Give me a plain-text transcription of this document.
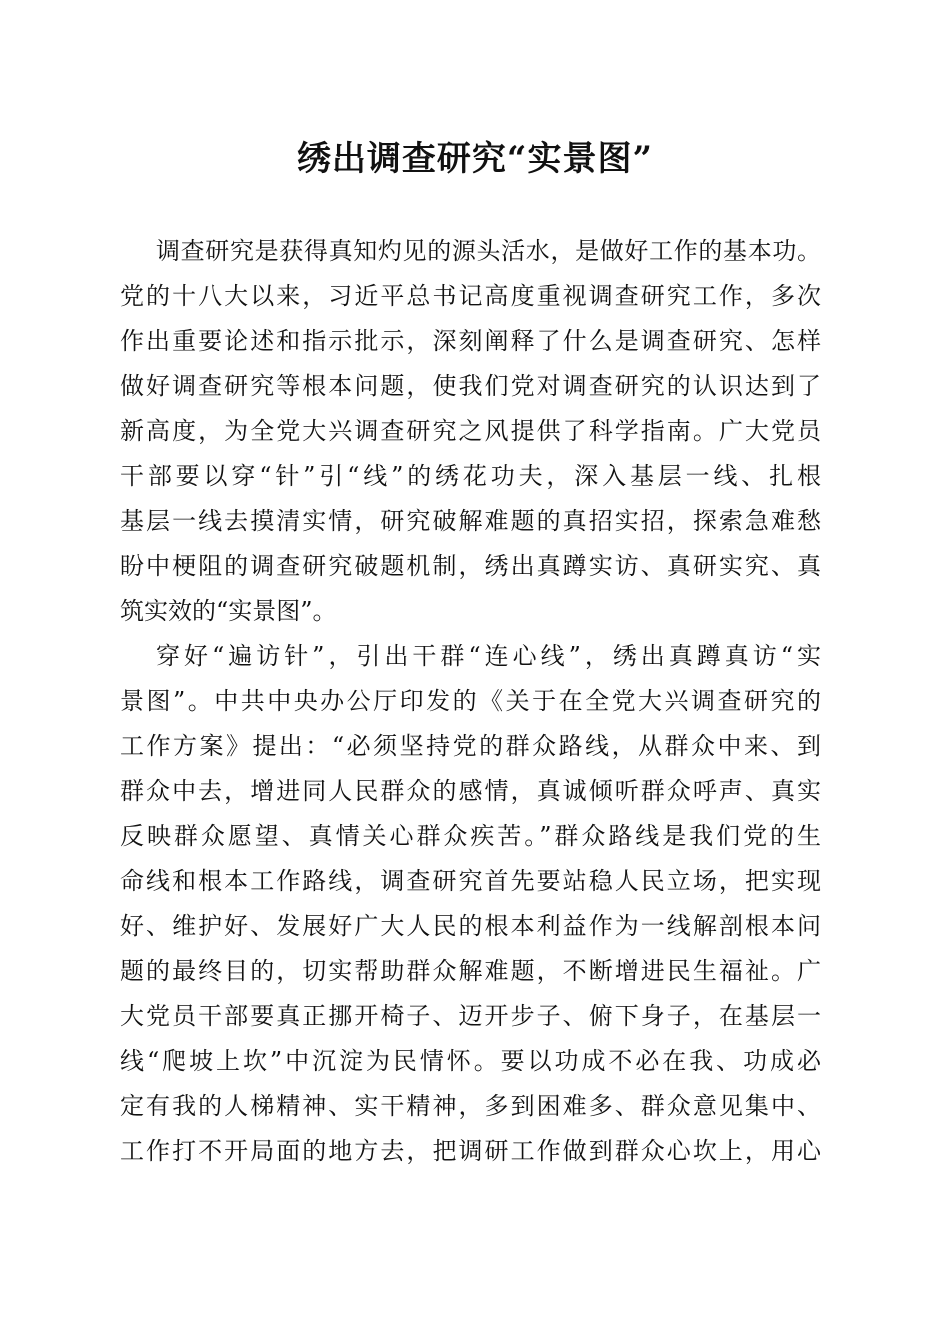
绣出调查研究“实景图”
调查研究是获得真知灼见的源头活水，是做好工作的基本功。
党的十八大以来，习近平总书记高度重视调查研究工作，多次
作出重要论述和指示批示，深刻阐释了什么是调查研究、怎样
做好调查研究等根本问题，使我们党对调查研究的认识达到了
新高度，为全党大兴调查研究之风提供了科学指南。广大党员
干部要以穿“针”引“线”的绣花功夫，深入基层一线、扎根
基层一线去摸清实情，研究破解难题的真招实招，探索急难愁
盼中梗阻的调查研究破题机制，绣出真蹲实访、真研实究、真
筑实效的“实景图”。
穿好“遍访针”，引出干群“连心线”，绣出真蹲真访“实
景图”。中共中央办公厅印发的《关于在全党大兴调查研究的
工作方案》提出：“必须坚持党的群众路线，从群众中来、到
群众中去，增进同人民群众的感情，真诚倾听群众呼声、真实
反映群众愿望、真情关心群众疾苦。”群众路线是我们党的生
命线和根本工作路线，调查研究首先要站稳人民立场，把实现
好、维护好、发展好广大人民的根本利益作为一线解剖根本问
题的最终目的，切实帮助群众解难题，不断增进民生福祉。广
大党员干部要真正挪开椅子、迈开步子、俯下身子，在基层一
线“爬坡上坎”中沉淀为民情怀。要以功成不必在我、功成必
定有我的人梯精神、实干精神，多到困难多、群众意见集中、
工作打不开局面的地方去，把调研工作做到群众心坎上，用心
